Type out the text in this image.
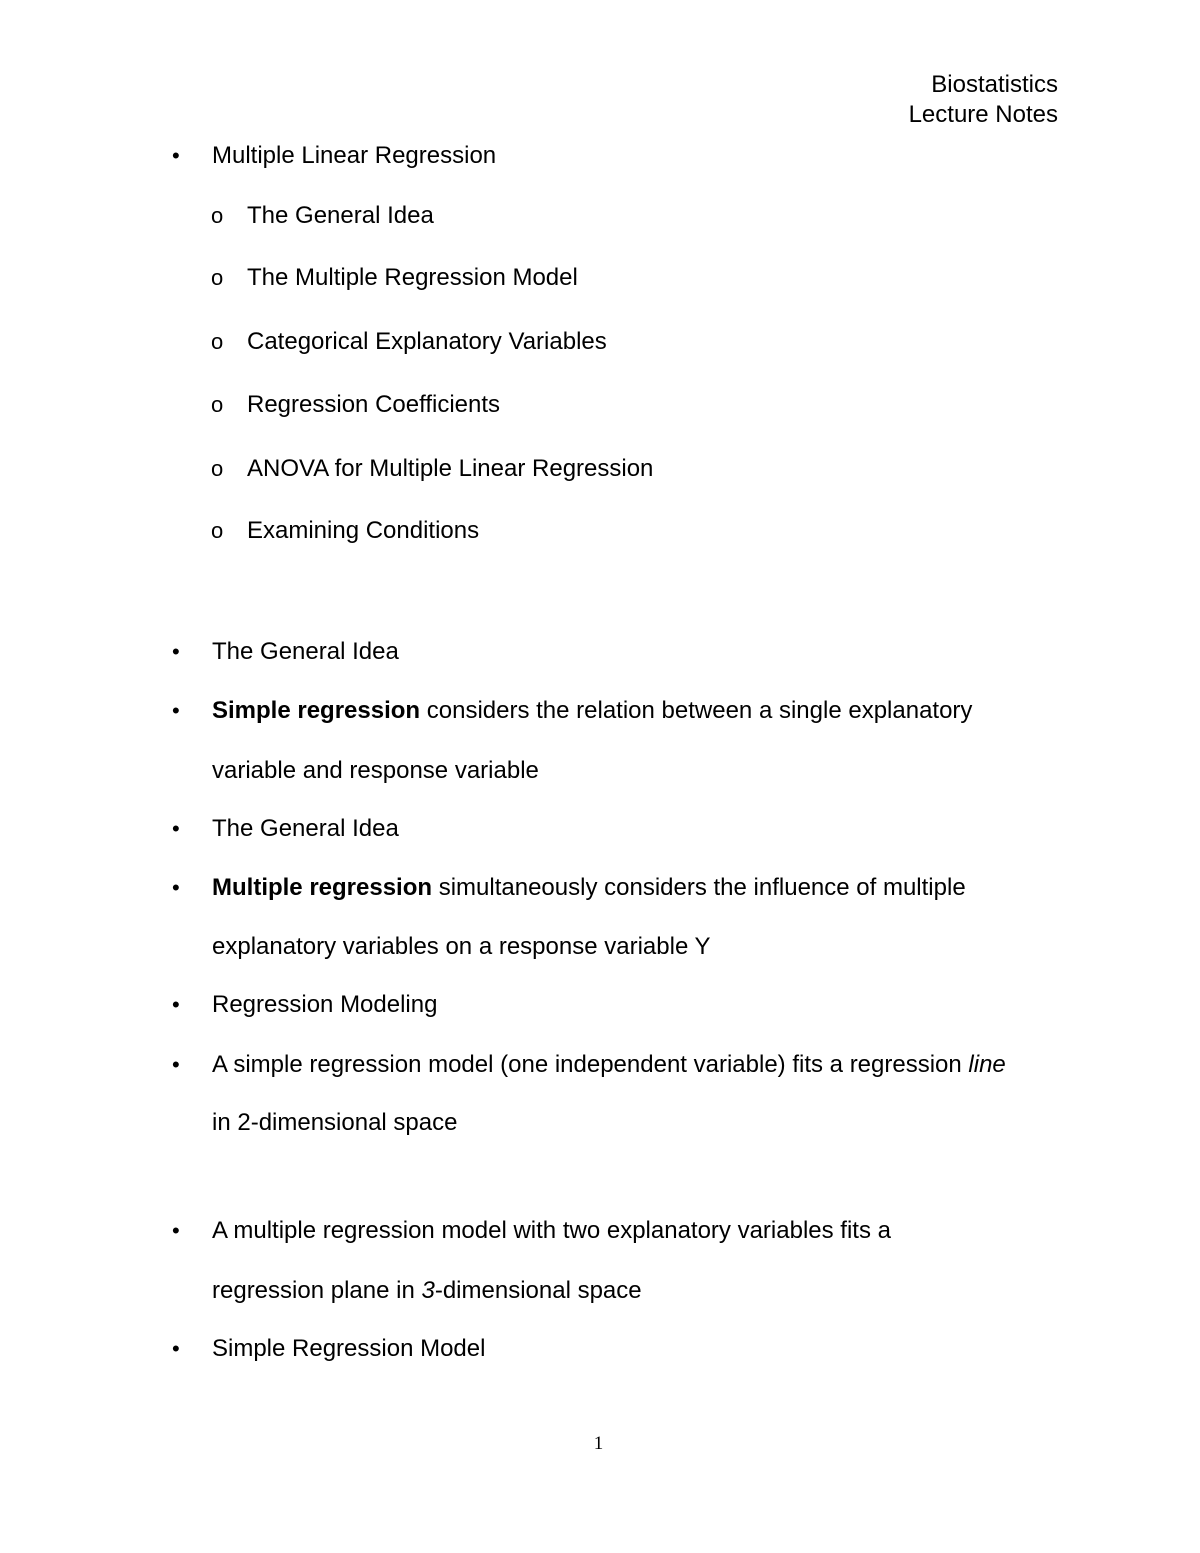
Biostatistics
Lecture Notes
• Multiple Linear Regression
o The General Idea
o The Multiple Regression Model
o Categorical Explanatory Variables
o Regression Coefficients
o ANOVA for Multiple Linear Regression
o Examining Conditions
• The General Idea
• Simple regression considers the relation between a single explanatory
variable and response variable
• The General Idea
• Multiple regression simultaneously considers the influence of multiple
explanatory variables on a response variable Y
• Regression Modeling
• A simple regression model (one independent variable) fits a regression line
in 2-dimensional space
• A multiple regression model with two explanatory variables fits a
regression plane in 3-dimensional space
• Simple Regression Model
1
